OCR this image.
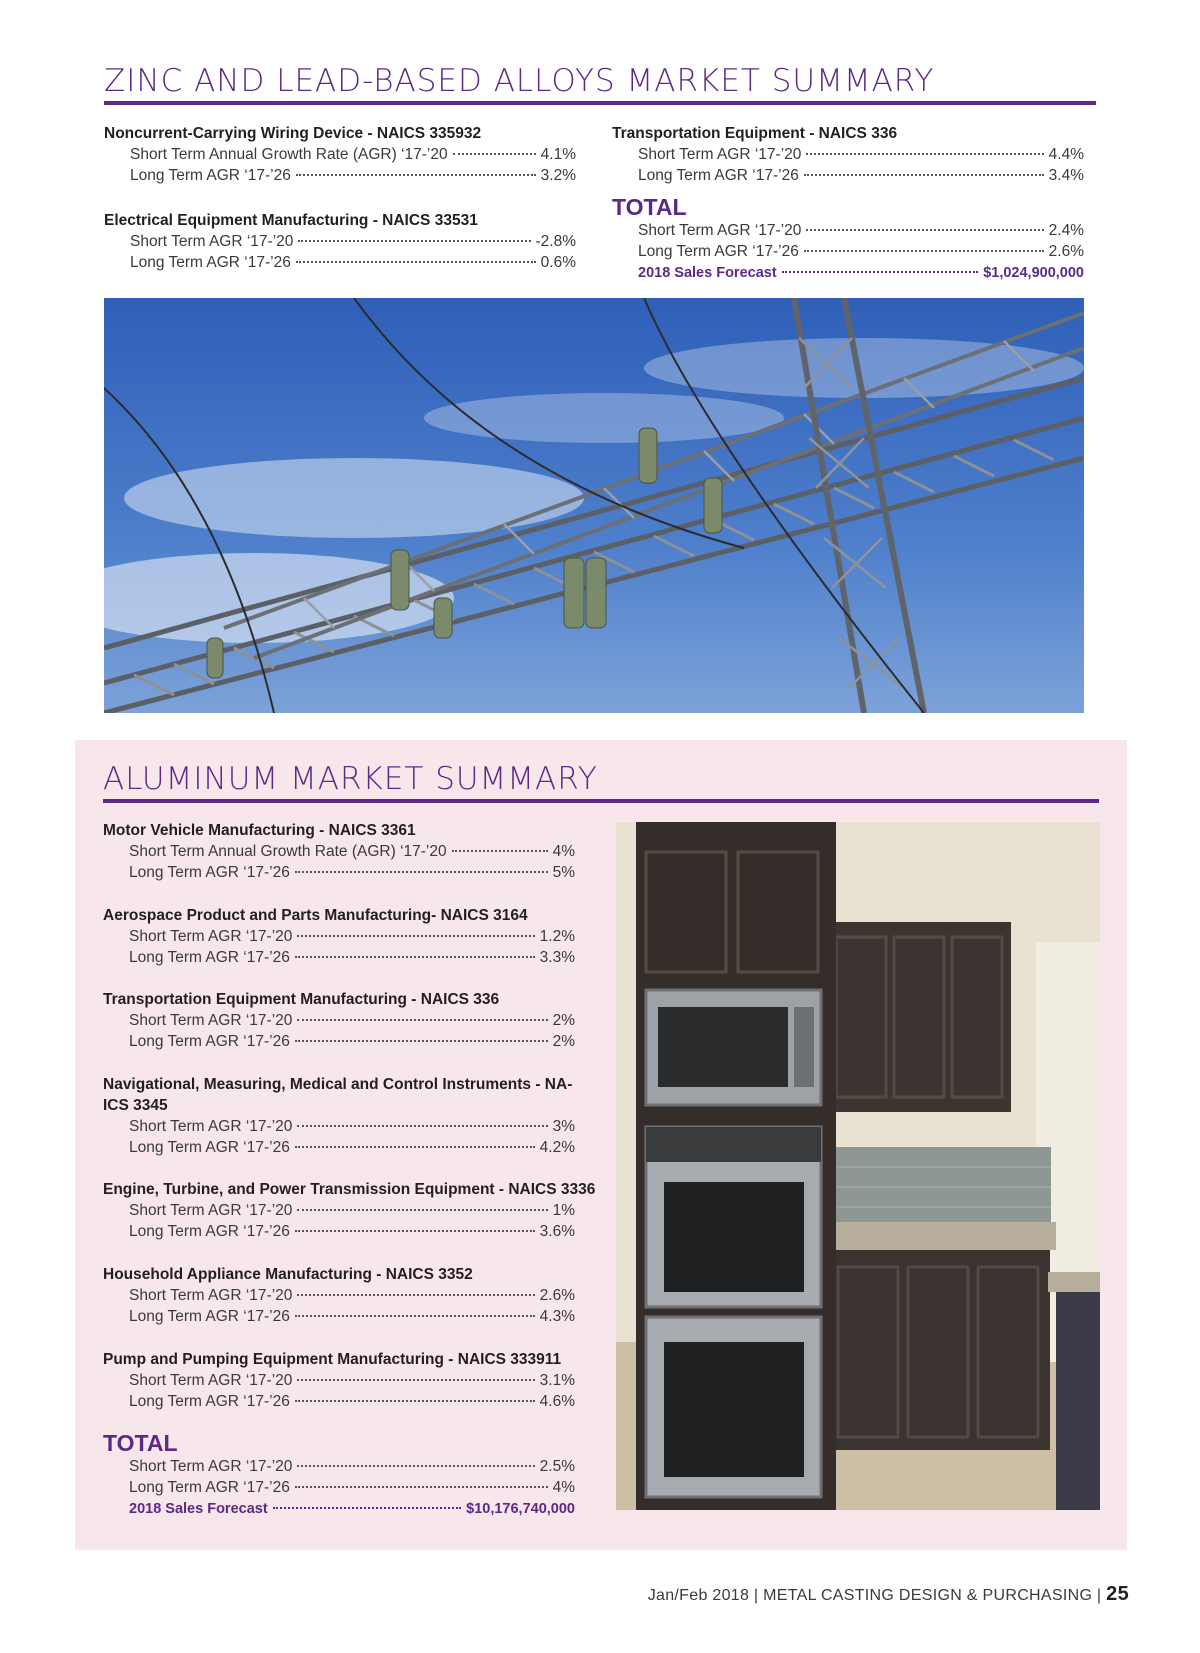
ZINC AND LEAD-BASED ALLOYS MARKET SUMMARY
Noncurrent-Carrying Wiring Device - NAICS 335932
Short Term Annual Growth Rate (AGR) ‘17-’20	4.1%
Long Term AGR ‘17-’26	3.2%
Electrical Equipment Manufacturing - NAICS 33531
Short Term AGR ‘17-’20	-2.8%
Long Term AGR ‘17-’26	0.6%
Transportation Equipment - NAICS 336
Short Term AGR ‘17-’20	4.4%
Long Term AGR ‘17-’26	3.4%
TOTAL
Short Term AGR ‘17-’20	2.4%
Long Term AGR ‘17-’26	2.6%
2018 Sales Forecast	$1,024,900,000
ALUMINUM MARKET SUMMARY
Motor Vehicle Manufacturing - NAICS 3361
Short Term Annual Growth Rate (AGR) ‘17-’20	4%
Long Term AGR ‘17-’26	5%
Aerospace Product and Parts Manufacturing- NAICS 3164
Short Term AGR ‘17-’20	1.2%
Long Term AGR ‘17-’26	3.3%
Transportation Equipment Manufacturing - NAICS 336
Short Term AGR ‘17-’20	2%
Long Term AGR ‘17-’26	2%
Navigational, Measuring, Medical and Control Instruments - NA-
ICS 3345
Short Term AGR ‘17-’20	3%
Long Term AGR ‘17-’26	4.2%
Engine, Turbine, and Power Transmission Equipment - NAICS 3336
Short Term AGR ‘17-’20	1%
Long Term AGR ‘17-’26	3.6%
Household Appliance Manufacturing - NAICS 3352
Short Term AGR ‘17-’20	2.6%
Long Term AGR ‘17-’26	4.3%
Pump and Pumping Equipment Manufacturing - NAICS 333911
Short Term AGR ‘17-’20	3.1%
Long Term AGR ‘17-’26	4.6%
TOTAL
Short Term AGR ‘17-’20	2.5%
Long Term AGR ‘17-’26	4%
2018 Sales Forecast	$10,176,740,000
Jan/Feb 2018 | METAL CASTING DESIGN & PURCHASING | 25
